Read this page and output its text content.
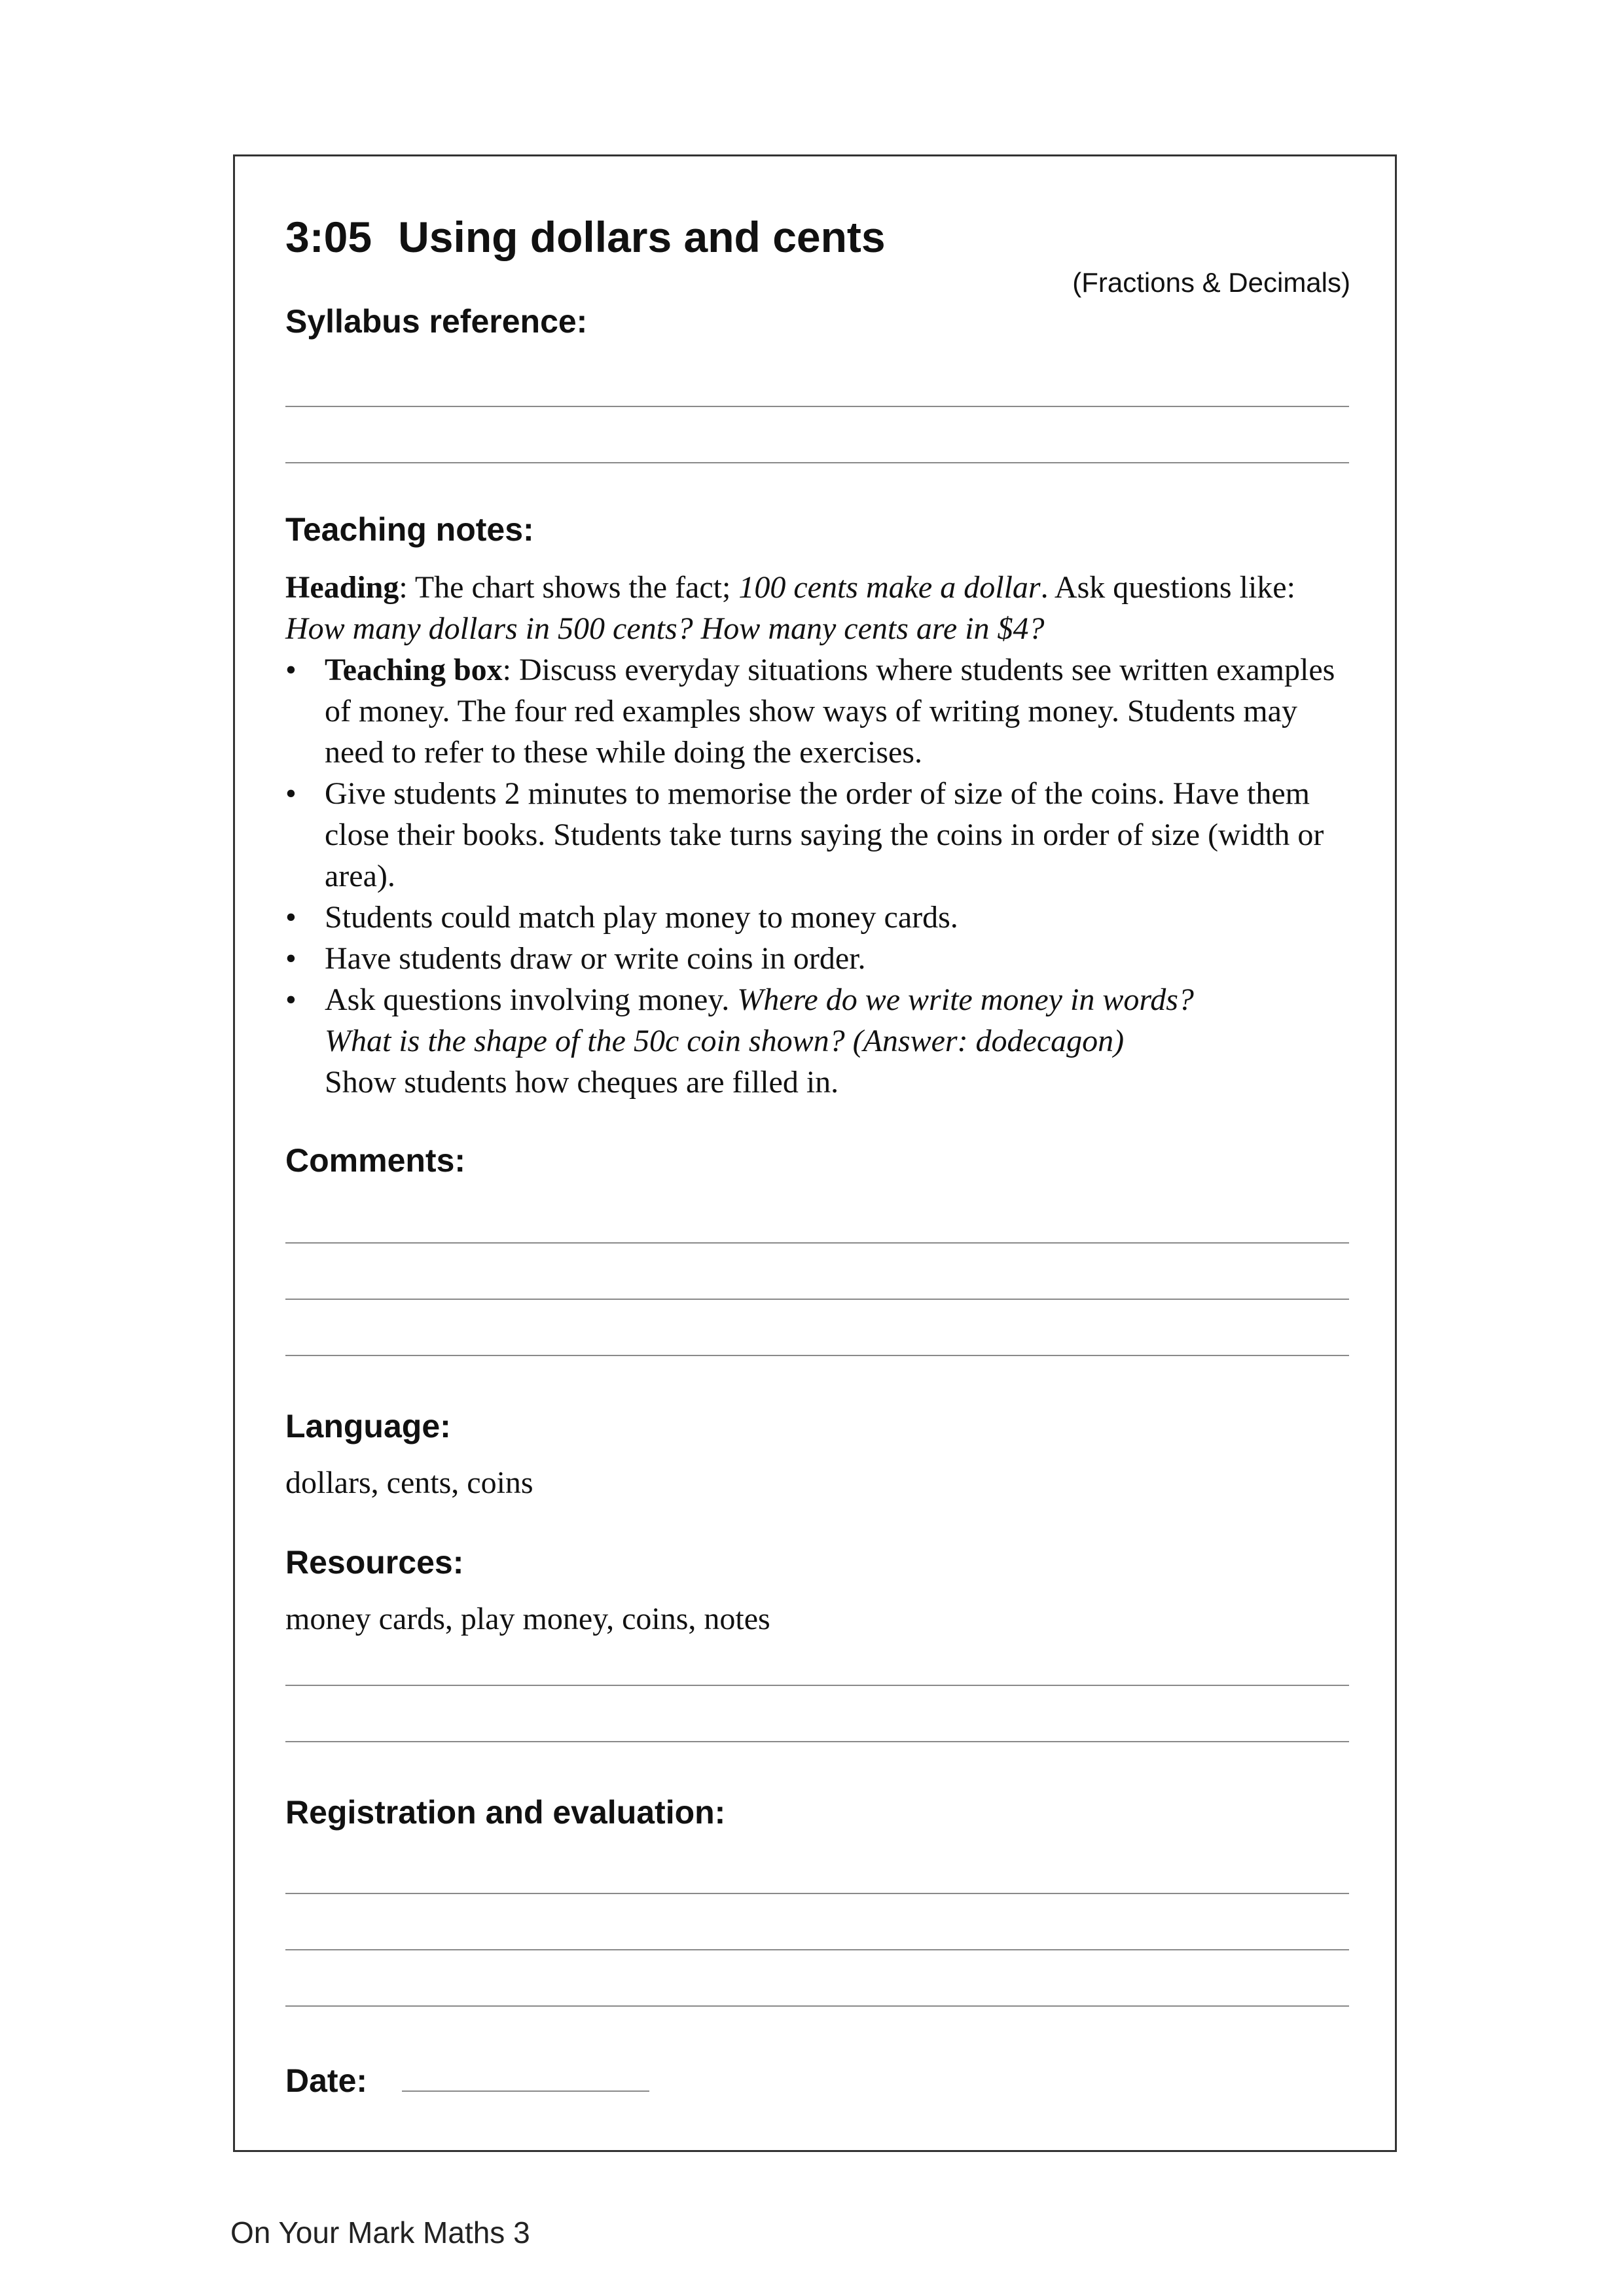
3:05 Using dollars and cents
(Fractions & Decimals)
Syllabus reference:
Teaching notes:

Heading: The chart shows the fact; 100 cents make a dollar. Ask questions like:

How many dollars in 500 cents? How many cents are in $4?

• Teaching box: Discuss everyday situations where students see written examples of money. The four red examples show ways of writing money. Students may need to refer to these while doing the exercises.
• Give students 2 minutes to memorise the order of size of the coins. Have them close their books. Students take turns saying the coins in order of size (width or area).
• Students could match play money to money cards.
• Have students draw or write coins in order.
• Ask questions involving money. Where do we write money in words?
What is the shape of the 50c coin shown? (Answer: dodecagon)
Show students how cheques are filled in.
Comments:
Language:
dollars, cents, coins
Resources:
money cards, play money, coins, notes
Registration and evaluation:
Date:
On Your Mark Maths 3
